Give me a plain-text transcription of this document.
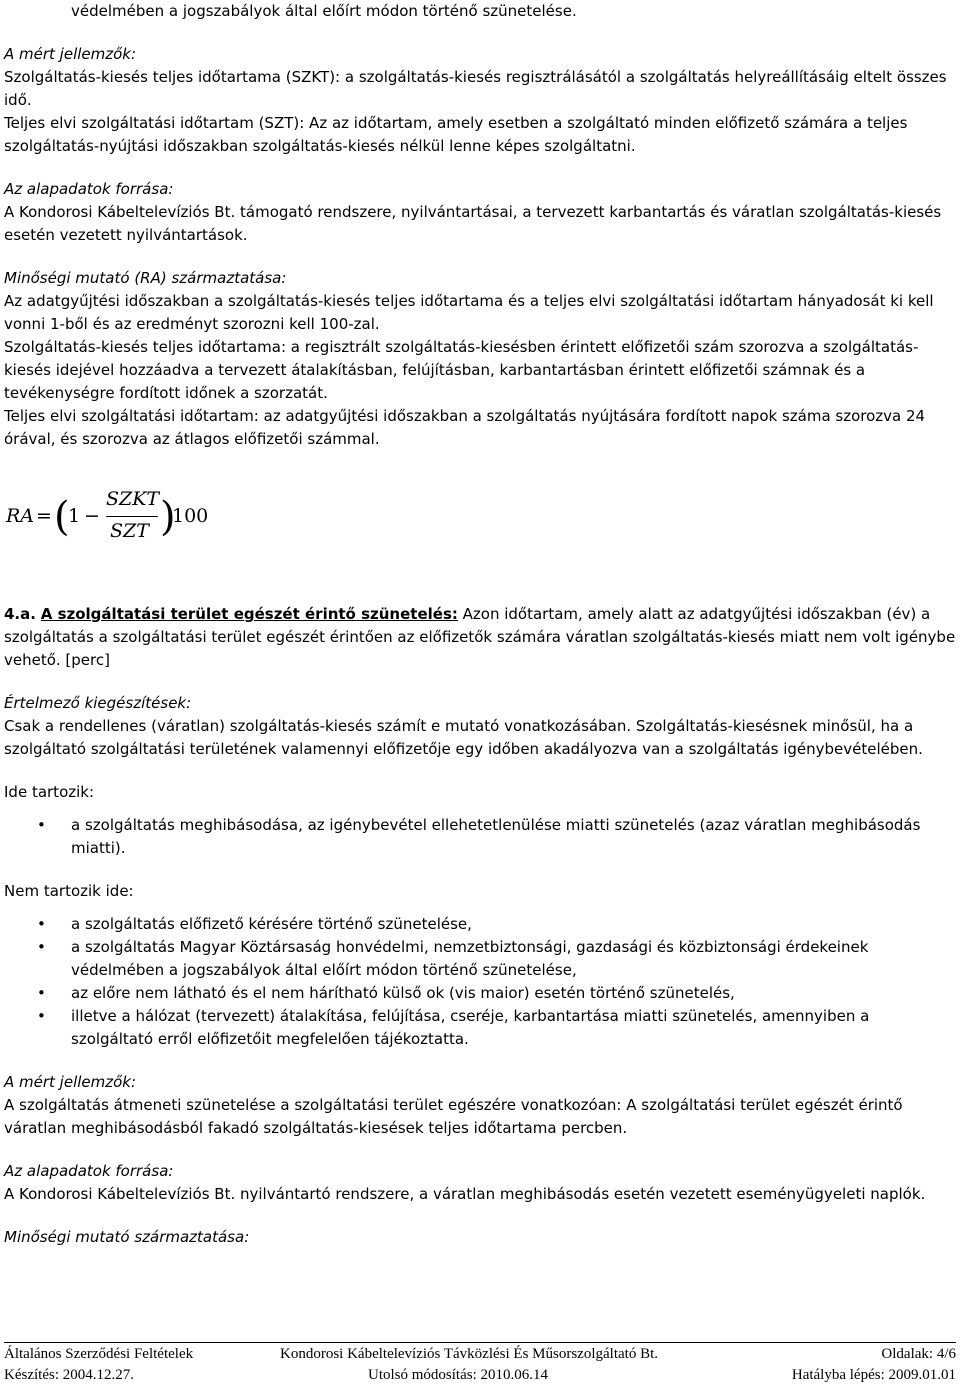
védelmében a jogszabályok által előírt módon történő szünetelése.

A mért jellemzők:

Szolgáltatás-kiesés teljes időtartama (SZKT): a szolgáltatás-kiesés regisztrálásától a szolgáltatás helyreállításáig eltelt összes idő.

Teljes elvi szolgáltatási időtartam (SZT): Az az időtartam, amely esetben a szolgáltató minden előfizető számára a teljes szolgáltatás-nyújtási időszakban szolgáltatás-kiesés nélkül lenne képes szolgáltatni.

Az alapadatok forrása:

A Kondorosi Kábeltelevíziós Bt. támogató rendszere, nyilvántartásai, a tervezett karbantartás és váratlan szolgáltatás-kiesés esetén vezetett nyilvántartások.

Minőségi mutató (RA) származtatása:

Az adatgyűjtési időszakban a szolgáltatás-kiesés teljes időtartama és a teljes elvi szolgáltatási időtartam hányadosát ki kell vonni 1-ből és az eredményt szorozni kell 100-zal.

Szolgáltatás-kiesés teljes időtartama: a regisztrált szolgáltatás-kiesésben érintett előfizetői szám szorozva a szolgáltatás-kiesés idejével hozzáadva a tervezett átalakításban, felújításban, karbantartásban érintett előfizetői számnak és a tevékenységre fordított időnek a szorzatát.

Teljes elvi szolgáltatási időtartam: az adatgyűjtési időszakban a szolgáltatás nyújtására fordított napok száma szorozva 24 órával, és szorozva az átlagos előfizetői számmal.

RA = (
1 −
SZKT
SZT )
100

4.a. A szolgáltatási terület egészét érintő szünetelés: Azon időtartam, amely alatt az adatgyűjtési időszakban (év) a szolgáltatás a szolgáltatási terület egészét érintően az előfizetők számára váratlan szolgáltatás-kiesés miatt nem volt igénybe vehető. [perc]

Értelmező kiegészítések:

Csak a rendellenes (váratlan) szolgáltatás-kiesés számít e mutató vonatkozásában. Szolgáltatás-kiesésnek minősül, ha a szolgáltató szolgáltatási területének valamennyi előfizetője egy időben akadályozva van a szolgáltatás igénybevételében.

Ide tartozik:

• a szolgáltatás meghibásodása, az igénybevétel ellehetetlenülése miatti szünetelés (azaz váratlan meghibásodás miatti).

Nem tartozik ide:

• a szolgáltatás előfizető kérésére történő szünetelése,
• a szolgáltatás Magyar Köztársaság honvédelmi, nemzetbiztonsági, gazdasági és közbiztonsági érdekeinek védelmében a jogszabályok által előírt módon történő szünetelése,
• az előre nem látható és el nem hárítható külső ok (vis maior) esetén történő szünetelés,
• illetve a hálózat (tervezett) átalakítása, felújítása, cseréje, karbantartása miatti szünetelés, amennyiben a szolgáltató erről előfizetőit megfelelően tájékoztatta.

A mért jellemzők:

A szolgáltatás átmeneti szünetelése a szolgáltatási terület egészére vonatkozóan: A szolgáltatási terület egészét érintő váratlan meghibásodásból fakadó szolgáltatás-kiesések teljes időtartama percben.

Az alapadatok forrása:

A Kondorosi Kábeltelevíziós Bt. nyilvántartó rendszere, a váratlan meghibásodás esetén vezetett eseményügyeleti naplók.

Minőségi mutató származtatása:

Általános Szerződési Feltételek	Kondorosi Kábeltelevíziós Távközlési És Műsorszolgáltató Bt.	Oldalak: 4/6
Készítés: 2004.12.27.	Utolsó módosítás: 2010.06.14	Hatályba lépés: 2009.01.01
